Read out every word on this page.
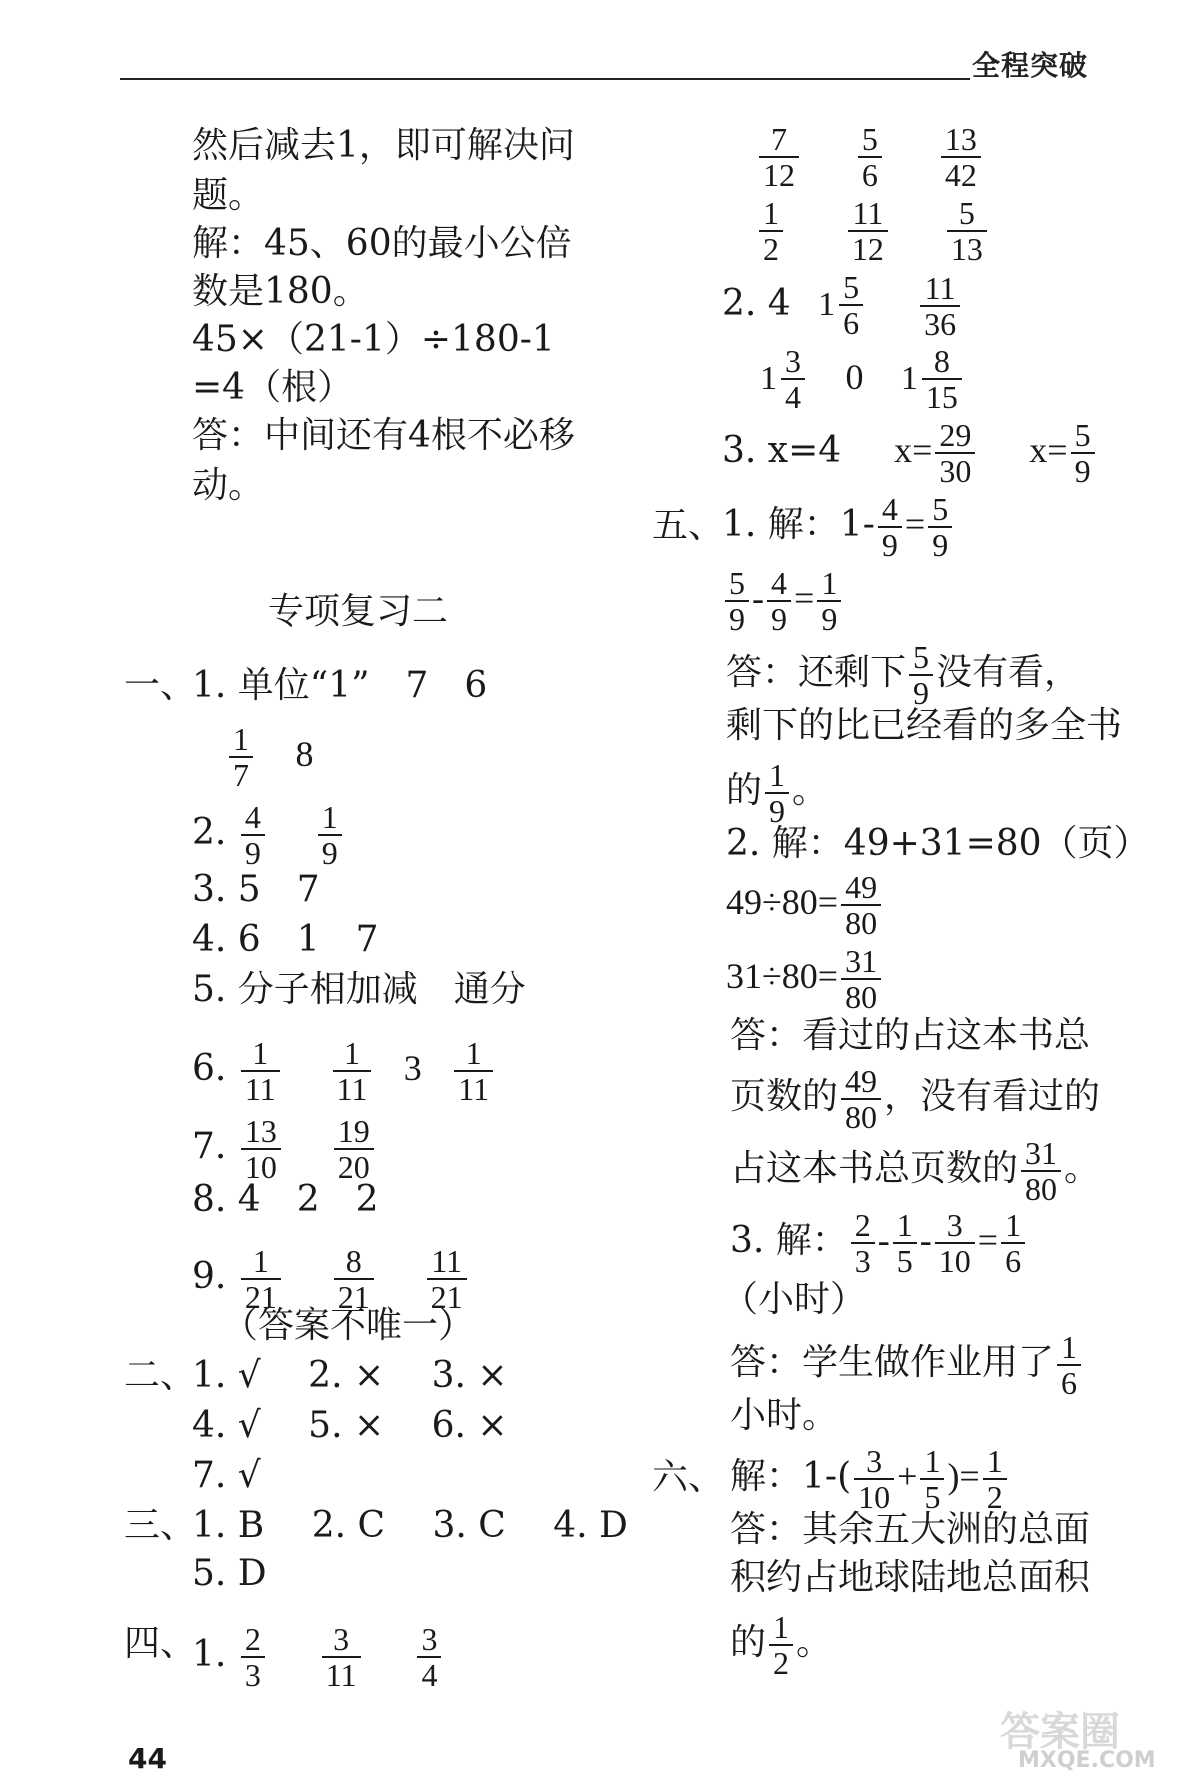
全程突破
然后减去1，即可解决问
题。
解：45、60的最小公倍
数是180。
45×（21-1）÷180-1
=4（根）
答：中间还有4根不必移
动。
专项复习二
一、
1. 单位“1”　7　6
$\frac{1}{7} 8$
2. $\frac{4}{9}$
$\frac{1}{9}$
3. 5　7
4. 6　1　7
5. 分子相加减　通分
6. $\frac{1}{11}$
$\frac{1}{11} 3 \frac{1}{11}$
7. $\frac{13}{10}$
$\frac{19}{20}$
8. 4　2　2
9. $\frac{1}{21}$
$\frac{8}{21}$
$\frac{11}{21}$
（答案不唯一）
二、
1. √　 2. ×　 3. ×
4. √　 5. ×　 6. ×
7. √
三、
1. B　 2. C　 3. C　 4. D
5. D
四、
1. $\frac{2}{3}$
$\frac{3}{11}$
$\frac{3}{4}$
$\frac{7}{12}$
$\frac{5}{6}$
$\frac{13}{42}$
$\frac{1}{2}$
$\frac{11}{12}$
$\frac{5}{13}$
2. 4 $1 \frac{5}{6}$
$\frac{11}{36}$
$1 \frac{3}{4} 0$ $1 \frac{8}{15}$
3. x=4 $x= \frac{29}{30} x= \frac{5}{9}$
五、
1. 解：$1- \frac{4}{9} = \frac{5}{9}$
$\frac{5}{9} - \frac{4}{9} = \frac{1}{9}$
答：还剩下 $\frac{5}{9}$ 没有看，
剩下的比已经看的多全书
的 $\frac{1}{9}$ 。
2. 解：49+31=80（页）
$49\div 80= \frac{49}{80}$
$31\div 80= \frac{31}{80}$
答：看过的占这本书总
页数的 $\frac{49}{80}$ ，没有看过的
占这本书总页数的 $\frac{31}{80}$ 。
3. 解： $\frac{2}{3} - \frac{1}{5} - \frac{3}{10} = \frac{1}{6}$
（小时）
答：学生做作业用了 $\frac{1}{6}$
小时。
六、 解：$1-( \frac{3}{10} + \frac{1}{5}$ )= $\frac{1}{2}$
答：其余五大洲的总面
积约占地球陆地总面积
的 $\frac{1}{2}$ 。
44
答案圈
MXQE.COM
